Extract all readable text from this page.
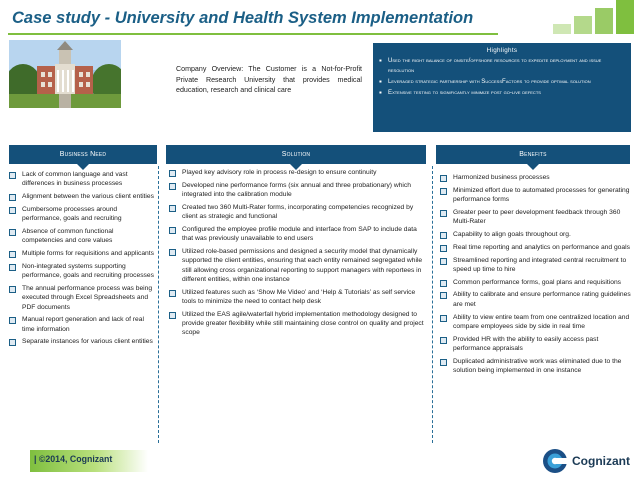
Case study - University and Health System Implementation
Company Overview: The Customer is a Not-for-Profit Private Research University that provides medical education, research and clinical care
Highlights
▪ Used the right balance of onsite/offshore resources to expedite deployment and issue resolution
▪ Leveraged strategic partnership with SuccessFactors to provide optimal solution
▪ Extensive testing to significantly minimize post go-live defects
Business Need	Solution	Benefits
Lack of common language and vast differences in business processes
Alignment between the various client entities
Cumbersome processes around performance, goals and recruiting
Absence of common functional competencies and core values
Multiple forms for requisitions and applicants
Non-integrated systems supporting performance, goals and recruiting processes
The annual performance process was being executed through Excel Spreadsheets and PDF documents
Manual report generation and lack of real time information
Separate instances for various client entities
Played key advisory role in process re-design to ensure continuity
Developed nine performance forms (six annual and three probationary) which integrated into the calibration module
Created two 360 Multi-Rater forms, incorporating competencies recognized by client as strategic and functional
Configured the employee profile module and interface from SAP to include data that was previously unavailable to end users
Utilized role-based permissions and designed a security model that dynamically supported the client entities, ensuring that each entity remained segregated while still allowing cross organizational reporting to support managers with reportees in different entities, within one instance
Utilized features such as ‘Show Me Video’ and ‘Help & Tutorials’ as self service tools to minimize the need to contact help desk
Utilized the EAS agile/waterfall hybrid implementation methodology designed to provide greater flexibility while still maintaining close control on quality and project scope
Harmonized business processes
Minimized effort due to automated processes for generating performance forms
Greater peer to peer development feedback through 360 Multi-Rater
Capability to align goals throughout org.
Real time reporting and analytics on performance and goals
Streamlined reporting and integrated central recruitment to speed up time to hire
Common performance forms, goal plans and requisitions
Ability to calibrate and ensure performance rating guidelines are met
Ability to view entire team from one centralized location and compare employees side by side in real time
Provided HR with the ability to easily access past performance appraisals
Duplicated administrative work was eliminated due to the solution being implemented in one instance
| ©2014, Cognizant	Cognizant
